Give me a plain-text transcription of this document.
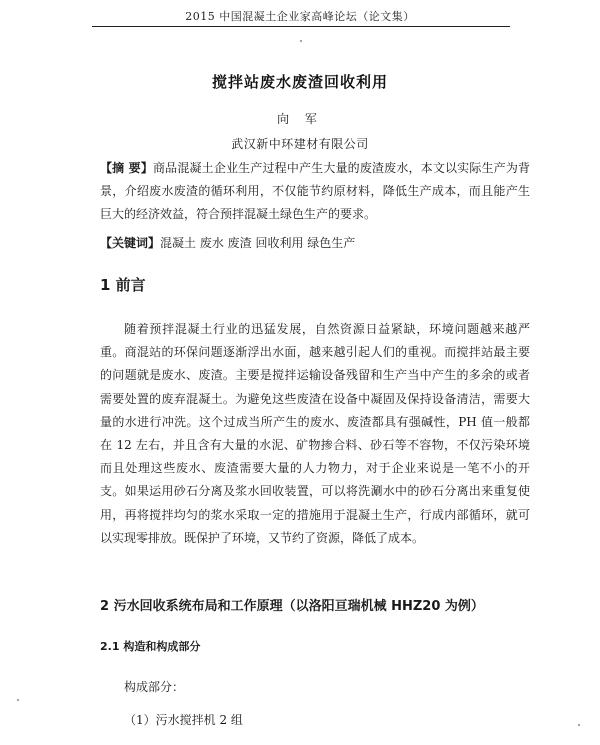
2015 中国混凝土企业家高峰论坛（论文集）
搅拌站废水废渣回收利用
向 军
武汉新中环建材有限公司

【摘 要】商品混凝土企业生产过程中产生大量的废渣废水，本文以实际生产为背景，介绍废水废渣的循环利用，不仅能节约原材料，降低生产成本，而且能产生巨大的经济效益，符合预拌混凝土绿色生产的要求。

【关键词】混凝土 废水 废渣 回收利用 绿色生产

1 前言

随着预拌混凝土行业的迅猛发展，自然资源日益紧缺，环境问题越来越严重。商混站的环保问题逐渐浮出水面，越来越引起人们的重视。而搅拌站最主要的问题就是废水、废渣。主要是搅拌运输设备残留和生产当中产生的多余的或者需要处置的废弃混凝土。为避免这些废渣在设备中凝固及保持设备清洁，需要大量的水进行冲洗。这个过成当所产生的废水、废渣都具有强碱性，PH 值一般都在 12 左右，并且含有大量的水泥、矿物掺合料、砂石等不容物，不仅污染环境而且处理这些废水、废渣需要大量的人力物力，对于企业来说是一笔不小的开支。如果运用砂石分离及浆水回收装置，可以将洗涮水中的砂石分离出来重复使用，再将搅拌均匀的浆水采取一定的措施用于混凝土生产，行成内部循环，就可以实现零排放。既保护了环境，又节约了资源，降低了成本。

2 污水回收系统布局和工作原理（以洛阳亘瑞机械 HHZ20 为例）
2.1 构造和构成部分

构成部分：

（1）污水搅拌机 2 组
